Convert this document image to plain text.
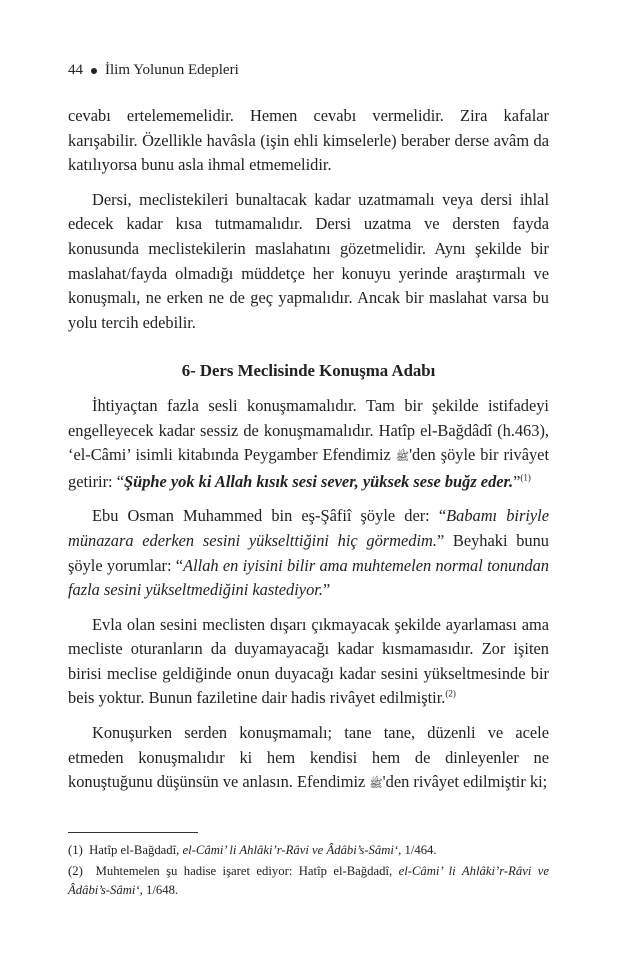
44 İlim Yolunun Edepleri

cevabı ertelememelidir. Hemen cevabı vermelidir. Zira kafalar karışabilir. Özellikle havâsla (işin ehli kimselerle) beraber derse avâm da katılıyorsa bunu asla ihmal etmemelidir.

Dersi, meclistekileri bunaltacak kadar uzatmamalı veya dersi ihlal edecek kadar kısa tutmamalıdır. Dersi uzatma ve dersten fayda konusunda meclistekilerin maslahatını gözetmelidir. Aynı şekilde bir maslahat/fayda olmadığı müddetçe her konuyu yerinde araştırmalı ve konuşmalı, ne erken ne de geç yapmalıdır. Ancak bir maslahat varsa bu yolu tercih edebilir.

6- Ders Meclisinde Konuşma Adabı

İhtiyaçtan fazla sesli konuşmamalıdır. Tam bir şekilde istifadeyi engelleyecek kadar sessiz de konuşmamalıdır. Hatîp el-Bağdâdî (h.463), ‘el-Câmi’ isimli kitabında Peygamber Efendimiz ﷺ'den şöyle bir rivâyet getirir: “Şüphe yok ki Allah kısık sesi sever, yüksek sese buğz eder.”$^{(1)}$

Ebu Osman Muhammed bin eş-Şâfiî şöyle der: “Babamı biriyle münazara ederken sesini yükselttiğini hiç görmedim.” Beyhaki bunu şöyle yorumlar: “Allah en iyisini bilir ama muhtemelen normal tonundan fazla sesini yükseltmediğini kastediyor.”

Evla olan sesini meclisten dışarı çıkmayacak şekilde ayarlaması ama mecliste oturanların da duyamayacağı kadar kısmamasıdır. Zor işiten birisi meclise geldiğinde onun duyacağı kadar sesini yükseltmesinde bir beis yoktur. Bunun faziletine dair hadis rivâyet edilmiştir.$^{(2)}$

Konuşurken serden konuşmamalı; tane tane, düzenli ve acele etmeden konuşmalıdır ki hem kendisi hem de dinleyenler ne konuştuğunu düşünsün ve anlasın. Efendimiz ﷺ'den rivâyet edilmiştir ki;

(1) Hatîp el-Bağdadî, el-Câmi’ li Ahlâki’r-Râvi ve Âdâbi’s-Sâmi‘, 1/464.

(2) Muhtemelen şu hadise işaret ediyor: Hatîp el-Bağdadî, el-Câmi’ li Ahlâki’r-Râvi ve Âdâbi’s-Sâmi‘, 1/648.
